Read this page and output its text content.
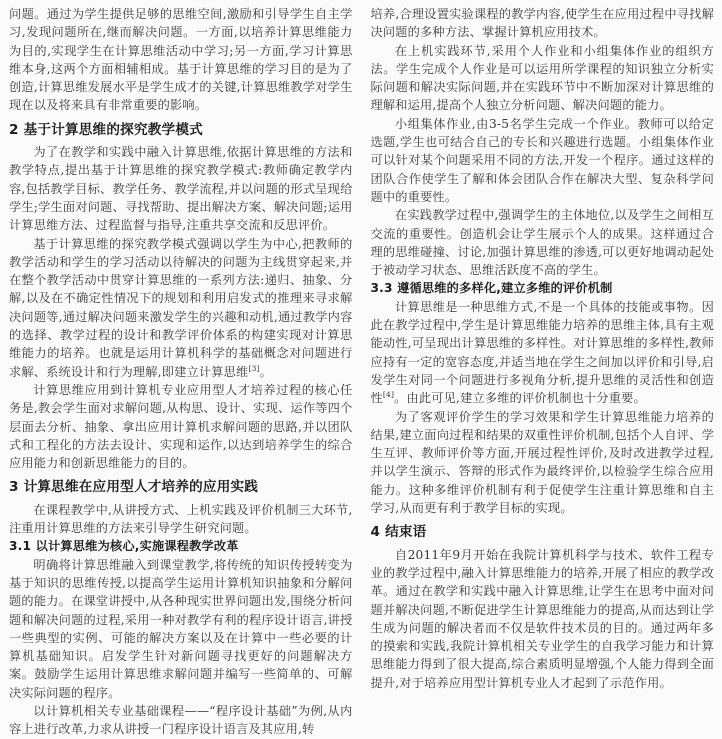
问题。通过为学生提供足够的思维空间,激励和引导学生自主学习,发现问题所在,继而解决问题。一方面,以培养计算思维能力为目的,实现学生在计算思维活动中学习;另一方面,学习计算思维本身,这两个方面相辅相成。基于计算思维的学习目的是为了创造,计算思维发展水平是学生成才的关键,计算思维教学对学生现在以及将来具有非常重要的影响。

2 基于计算思维的探究教学模式

为了在教学和实践中融入计算思维,依据计算思维的方法和教学特点,提出基于计算思维的探究教学模式:教师确定教学内容,包括教学目标、教学任务、教学流程,并以问题的形式呈现给学生;学生面对问题、寻找帮助、提出解决方案、解决问题;运用计算思维方法、过程监督与指导,注重共享交流和反思评价。

基于计算思维的探究教学模式强调以学生为中心,把教师的教学活动和学生的学习活动以待解决的问题为主线贯穿起来,并在整个教学活动中贯穿计算思维的一系列方法:递归、抽象、分解,以及在不确定性情况下的规划和利用启发式的推理来寻求解决问题等,通过解决问题来激发学生的兴趣和动机,通过教学内容的选择、教学过程的设计和教学评价体系的构建实现对计算思维能力的培养。也就是运用计算机科学的基础概念对问题进行求解、系统设计和行为理解,即建立计算思维[3]。

计算思维应用到计算机专业应用型人才培养过程的核心任务是,教会学生面对求解问题,从构思、设计、实现、运作等四个层面去分析、抽象、拿出应用计算机求解问题的思路,并以团队式和工程化的方法去设计、实现和运作,以达到培养学生的综合应用能力和创新思维能力的目的。

3 计算思维在应用型人才培养的应用实践

在课程教学中,从讲授方式、上机实践及评价机制三大环节,注重用计算思维的方法来引导学生研究问题。

3.1 以计算思维为核心,实施课程教学改革

明确将计算思维融入到课堂教学,将传统的知识传授转变为基于知识的思维传授,以提高学生运用计算机知识抽象和分解问题的能力。在课堂讲授中,从各种现实世界问题出发,围绕分析问题和解决问题的过程,采用一种对教学有利的程序设计语言,讲授一些典型的实例、可能的解决方案以及在计算中一些必要的计算机基础知识。启发学生针对新问题寻找更好的问题解决方案。鼓励学生运用计算思维求解问题并编写一些简单的、可解决实际问题的程序。

以计算机相关专业基础课程——“程序设计基础”为例,从内容上进行改革,力求从讲授一门程序设计语言及其应用,转

培养,合理设置实验课程的教学内容,使学生在应用过程中寻找解决问题的多种方法、掌握计算机应用技术。

在上机实践环节,采用个人作业和小组集体作业的组织方法。学生完成个人作业是可以运用所学课程的知识独立分析实际问题和解决实际问题,并在实践环节中不断加深对计算思维的理解和运用,提高个人独立分析问题、解决问题的能力。

小组集体作业,由3-5名学生完成一个作业。教师可以给定选题,学生也可结合自己的专长和兴趣进行选题。小组集体作业可以针对某个问题采用不同的方法,开发一个程序。通过这样的团队合作使学生了解和体会团队合作在解决大型、复杂科学问题中的重要性。

在实践教学过程中,强调学生的主体地位,以及学生之间相互交流的重要性。创造机会让学生展示个人的成果。这样通过合理的思维碰撞、讨论,加强计算思维的渗透,可以更好地调动起处于被动学习状态、思维活跃度不高的学生。

3.3 遵循思维的多样化,建立多维的评价机制

计算思维是一种思维方式,不是一个具体的技能或事物。因此在教学过程中,学生是计算思维能力培养的思维主体,具有主观能动性,可呈现出计算思维的多样性。对计算思维的多样性,教师应持有一定的宽容态度,并适当地在学生之间加以评价和引导,启发学生对同一个问题进行多视角分析,提升思维的灵活性和创造性[4]。由此可见,建立多维的评价机制也十分重要。

为了客观评价学生的学习效果和学生计算思维能力培养的结果,建立面向过程和结果的双重性评价机制,包括个人自评、学生互评、教师评价等方面,开展过程性评价,及时改进教学过程,并以学生演示、答辩的形式作为最终评价,以检验学生综合应用能力。这种多维评价机制有利于促使学生注重计算思维和自主学习,从而更有利于教学目标的实现。

4 结束语

自2011年9月开始在我院计算机科学与技术、软件工程专业的教学过程中,融入计算思维能力的培养,开展了相应的教学改革。通过在教学和实践中融入计算思维,让学生在思考中面对问题并解决问题,不断促进学生计算思维能力的提高,从而达到让学生成为问题的解决者而不仅是软件技术员的目的。通过两年多的摸索和实践,我院计算机相关专业学生的自我学习能力和计算思维能力得到了很大提高,综合素质明显增强,个人能力得到全面提升,对于培养应用型计算机专业人才起到了示范作用。
